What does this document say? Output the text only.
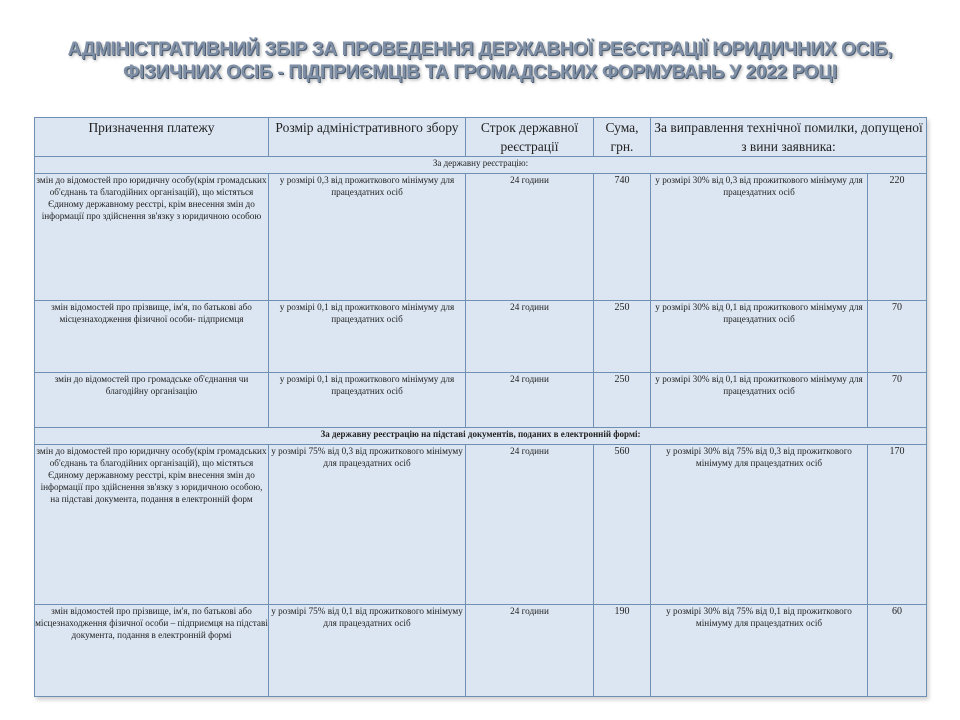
АДМІНІСТРАТИВНИЙ ЗБІР ЗА ПРОВЕДЕННЯ ДЕРЖАВНОЇ РЕЄСТРАЦІЇ ЮРИДИЧНИХ ОСІБ,
ФІЗИЧНИХ ОСІБ - ПІДПРИЄМЦІВ ТА ГРОМАДСЬКИХ ФОРМУВАНЬ У 2022 РОЦІ
Призначення платежу	Розмір адміністративного збору	Строк державної реєстрації	Сума, грн.	За виправлення технічної помилки, допущеної з вини заявника:	
За державну реєстрацію:					
змін до відомостей про юридичну особу(крім громадських об'єднань та благодійних організацій), що містяться Єдиному державному реєстрі, крім внесення змін до інформації про здійснення зв'язку з юридичною особою	у розмірі 0,3 від прожиткового мінімуму для працездатних осіб	24 години	740	у розмірі 30% від 0,3 від прожиткового мінімуму для працездатних осіб	220
змін відомостей про прізвище, ім'я, по батькові або місцезнаходження фізичної особи- підприємця	у розмірі 0,1 від прожиткового мінімуму для працездатних осіб	24 години	250	у розмірі 30% від 0,1 від прожиткового мінімуму для працездатних осіб	70
змін до відомостей про громадське об'єднання чи благодійну організацію	у розмірі 0,1 від прожиткового мінімуму для працездатних осіб	24 години	250	у розмірі 30% від 0,1 від прожиткового мінімуму для працездатних осіб	70
За державну реєстрацію на підставі документів, поданих в електронній формі:					
змін до відомостей про юридичну особу(крім громадських об'єднань та благодійних організацій), що містяться Єдиному державному реєстрі, крім внесення змін до інформації про здійснення зв'язку з юридичною особою, на підставі документа, подання в електронній форм	у розмірі 75% від 0,3 від прожиткового мінімуму для працездатних осіб	24 години	560	у розмірі 30% від 75% від 0,3 від прожиткового мінімуму для працездатних осіб	170
змін відомостей про прізвище, ім'я, по батькові або місцезнаходження фізичної особи – підприємця на підставі документа, подання в електронній формі	у розмірі 75% від 0,1 від прожиткового мінімуму для працездатних осіб	24 години	190	у розмірі 30% від 75% від 0,1 від прожиткового мінімуму для працездатних осіб	60
